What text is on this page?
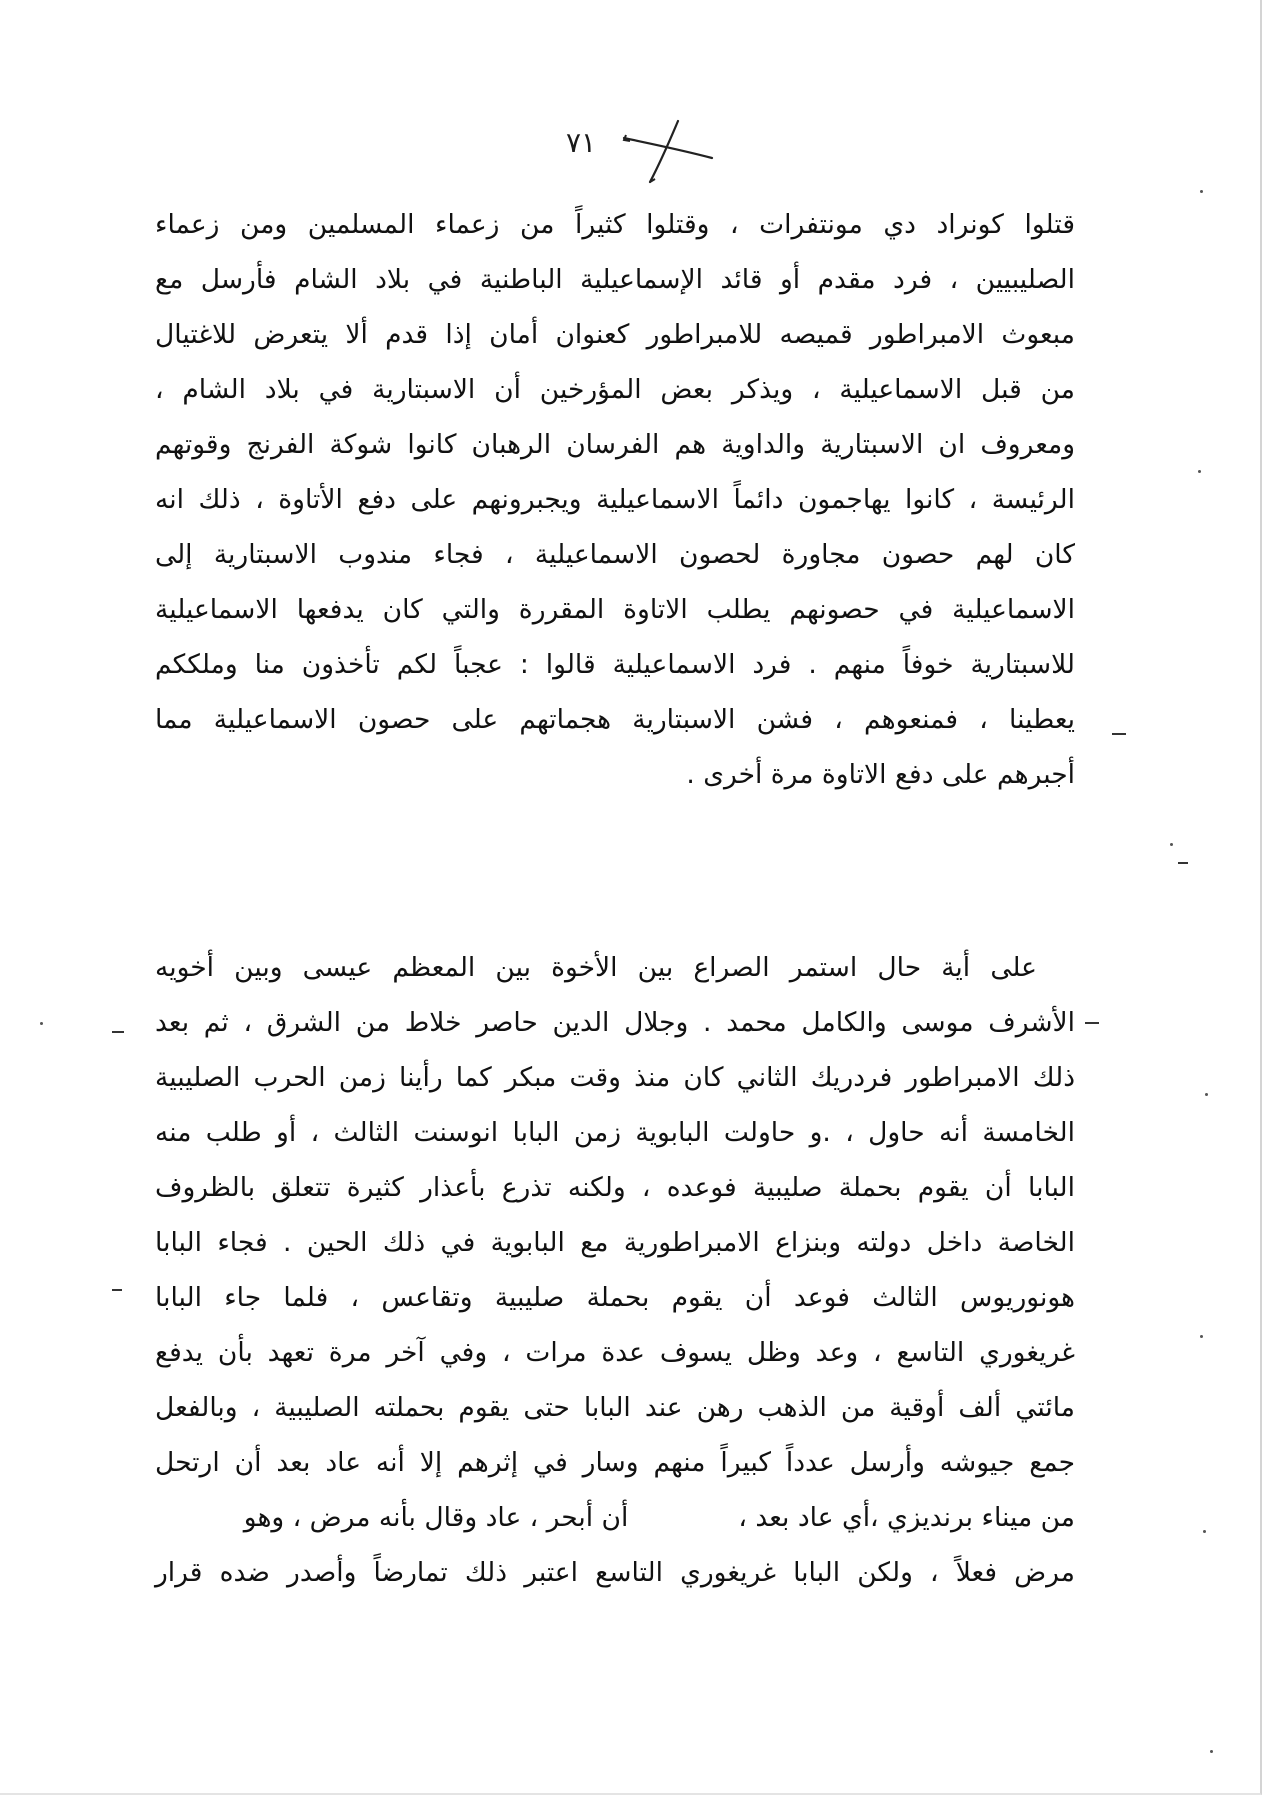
٧١
قتلوا كونراد دي مونتفرات ، وقتلوا كثيراً من زعماء المسلمين ومن زعماء
الصليبيين ، فرد مقدم أو قائد الإسماعيلية الباطنية في بلاد الشام فأرسل مع
مبعوث الامبراطور قميصه للامبراطور كعنوان أمان إذا قدم ألا يتعرض للاغتيال
من قبل الاسماعيلية ، ويذكر بعض المؤرخين أن الاسبتارية في بلاد الشام ،
ومعروف ان الاسبتارية والداوية هم الفرسان الرهبان كانوا شوكة الفرنج وقوتهم
الرئيسة ، كانوا يهاجمون دائماً الاسماعيلية ويجبرونهم على دفع الأتاوة ، ذلك انه
كان لهم حصون مجاورة لحصون الاسماعيلية ، فجاء مندوب الاسبتارية إلى
الاسماعيلية في حصونهم يطلب الاتاوة المقررة والتي كان يدفعها الاسماعيلية
للاسبتارية خوفاً منهم . فرد الاسماعيلية قالوا : عجباً لكم تأخذون منا وملككم
يعطينا ، فمنعوهم ، فشن الاسبتارية هجماتهم على حصون الاسماعيلية مما
أجبرهم على دفع الاتاوة مرة أخرى .
على أية حال استمر الصراع بين الأخوة بين المعظم عيسى وبين أخويه
الأشرف موسى والكامل محمد . وجلال الدين حاصر خلاط من الشرق ، ثم بعد
ذلك الامبراطور فردريك الثاني كان منذ وقت مبكر كما رأينا زمن الحرب الصليبية
الخامسة أنه حاول ، .و حاولت البابوية زمن البابا انوسنت الثالث ، أو طلب منه
البابا أن يقوم بحملة صليبية فوعده ، ولكنه تذرع بأعذار كثيرة تتعلق بالظروف
الخاصة داخل دولته وبنزاع الامبراطورية مع البابوية في ذلك الحين . فجاء البابا
هونوريوس الثالث فوعد أن يقوم بحملة صليبية وتقاعس ، فلما جاء البابا
غريغوري التاسع ، وعد وظل يسوف عدة مرات ، وفي آخر مرة تعهد بأن يدفع
مائتي ألف أوقية من الذهب رهن عند البابا حتى يقوم بحملته الصليبية ، وبالفعل
جمع جيوشه وأرسل عدداً كبيراً منهم وسار في إثرهم إلا أنه عاد بعد أن ارتحل
من ميناء برنديزي ،أي عاد بعد ،أن أبحر ، عاد وقال بأنه مرض ، وهو
مرض فعلاً ، ولكن البابا غريغوري التاسع اعتبر ذلك تمارضاً وأصدر ضده قرار
